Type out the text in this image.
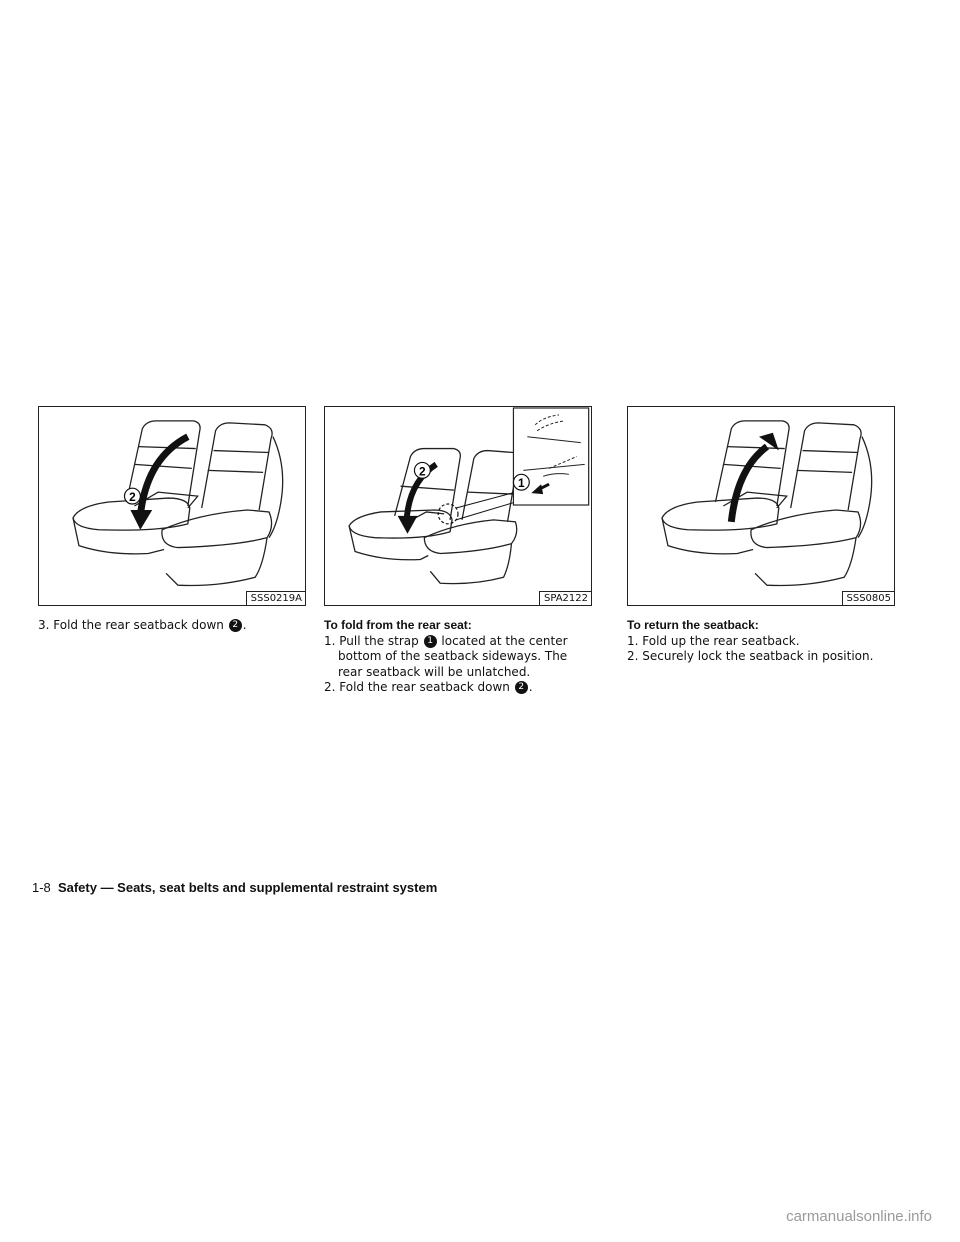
2
SSS0219A
2
1
SPA2122	SSS0805

3. Fold the rear seatback down 2 .	To fold from the rear seat:

1. Pull the strap 1 located at the center bottom of the seatback sideways. The rear seatback will be unlatched.

2. Fold the rear seatback down 2 .

To return the seatback:

1. Fold up the rear seatback.

2. Securely lock the seatback in position.

1-8 Safety — Seats, seat belts and supplemental restraint system
carmanualsonline.info
